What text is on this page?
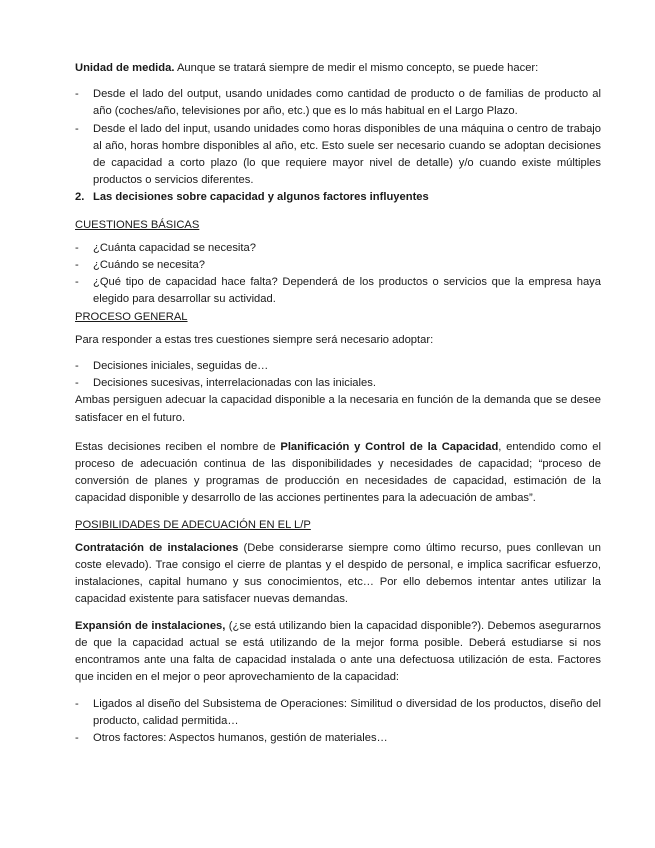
Unidad de medida. Aunque se tratará siempre de medir el mismo concepto, se puede hacer:

- Desde el lado del output, usando unidades como cantidad de producto o de familias de producto al año (coches/año, televisiones por año, etc.) que es lo más habitual en el Largo Plazo.
- Desde el lado del input, usando unidades como horas disponibles de una máquina o centro de trabajo al año, horas hombre disponibles al año, etc. Esto suele ser necesario cuando se adoptan decisiones de capacidad a corto plazo (lo que requiere mayor nivel de detalle) y/o cuando existe múltiples productos o servicios diferentes.

2. Las decisiones sobre capacidad y algunos factores influyentes

CUESTIONES BÁSICAS

- ¿Cuánta capacidad se necesita?
- ¿Cuándo se necesita?
- ¿Qué tipo de capacidad hace falta? Dependerá de los productos o servicios que la empresa haya elegido para desarrollar su actividad.

PROCESO GENERAL

Para responder a estas tres cuestiones siempre será necesario adoptar:

- Decisiones iniciales, seguidas de…
- Decisiones sucesivas, interrelacionadas con las iniciales.

Ambas persiguen adecuar la capacidad disponible a la necesaria en función de la demanda que se desee satisfacer en el futuro.

Estas decisiones reciben el nombre de Planificación y Control de la Capacidad, entendido como el proceso de adecuación continua de las disponibilidades y necesidades de capacidad; “proceso de conversión de planes y programas de producción en necesidades de capacidad, estimación de la capacidad disponible y desarrollo de las acciones pertinentes para la adecuación de ambas”.

POSIBILIDADES DE ADECUACIÓN EN EL L/P

Contratación de instalaciones (Debe considerarse siempre como último recurso, pues conllevan un coste elevado). Trae consigo el cierre de plantas y el despido de personal, e implica sacrificar esfuerzo, instalaciones, capital humano y sus conocimientos, etc… Por ello debemos intentar antes utilizar la capacidad existente para satisfacer nuevas demandas.

Expansión de instalaciones, (¿se está utilizando bien la capacidad disponible?). Debemos asegurarnos de que la capacidad actual se está utilizando de la mejor forma posible. Deberá estudiarse si nos encontramos ante una falta de capacidad instalada o ante una defectuosa utilización de esta. Factores que inciden en el mejor o peor aprovechamiento de la capacidad:

- Ligados al diseño del Subsistema de Operaciones: Similitud o diversidad de los productos, diseño del producto, calidad permitida…
- Otros factores: Aspectos humanos, gestión de materiales…
